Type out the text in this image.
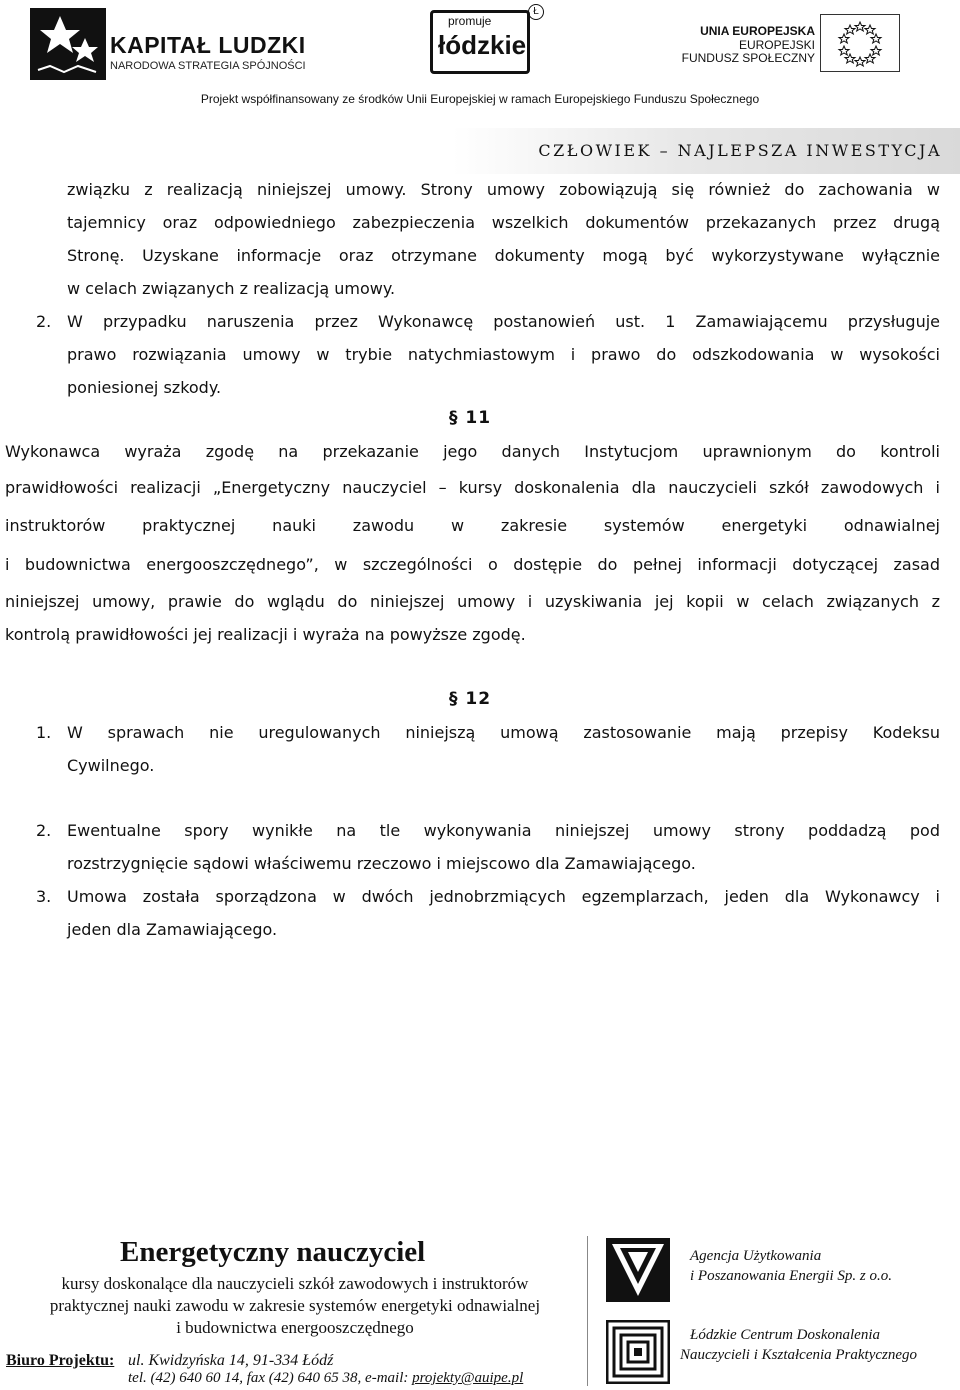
KAPITAŁ LUDZKI
NARODOWA STRATEGIA SPÓJNOŚCI
promuje
łódzkie
Ł
UNIA EUROPEJSKA
EUROPEJSKI
FUNDUSZ SPOŁECZNY
Projekt współfinansowany ze środków Unii Europejskiej w ramach Europejskiego Funduszu Społecznego
CZŁOWIEK – NAJLEPSZA INWESTYCJA
związku z realizacją niniejszej umowy. Strony umowy zobowiązują się również do zachowania w
tajemnicy oraz odpowiedniego zabezpieczenia wszelkich dokumentów przekazanych przez drugą
Stronę. Uzyskane informacje oraz otrzymane dokumenty mogą być wykorzystywane wyłącznie
w celach związanych z realizacją umowy.
2. W przypadku naruszenia przez Wykonawcę postanowień ust. 1 Zamawiającemu przysługuje
prawo rozwiązania umowy w trybie natychmiastowym i prawo do odszkodowania w wysokości
poniesionej szkody.
§ 11
Wykonawca wyraża zgodę na przekazanie jego danych Instytucjom uprawnionym do kontroli
prawidłowości realizacji „Energetyczny nauczyciel – kursy doskonalenia dla nauczycieli szkół zawodowych i
instruktorów praktycznej nauki zawodu w zakresie systemów energetyki odnawialnej
i budownictwa energooszczędnego”, w szczególności o dostępie do pełnej informacji dotyczącej zasad
niniejszej umowy, prawie do wglądu do niniejszej umowy i uzyskiwania jej kopii w celach związanych z
kontrolą prawidłowości jej realizacji i wyraża na powyższe zgodę.
§ 12
1. W sprawach nie uregulowanych niniejszą umową zastosowanie mają przepisy Kodeksu
Cywilnego.
2. Ewentualne spory wynikłe na tle wykonywania niniejszej umowy strony poddadzą pod
rozstrzygnięcie sądowi właściwemu rzeczowo i miejscowo dla Zamawiającego.
3. Umowa została sporządzona w dwóch jednobrzmiących egzemplarzach, jeden dla Wykonawcy i
jeden dla Zamawiającego.
Energetyczny nauczyciel
kursy doskonalące dla nauczycieli szkół zawodowych i instruktorów
praktycznej nauki zawodu w zakresie systemów energetyki odnawialnej
i budownictwa energooszczędnego
Biuro Projektu: ul. Kwidzyńska 14, 91-334 Łódź
tel. (42) 640 60 14, fax (42) 640 65 38, e-mail: projekty@auipe.pl
Agencja Użytkowania
i Poszanowania Energii Sp. z o.o.
Łódzkie Centrum Doskonalenia
Nauczycieli i Kształcenia Praktycznego
